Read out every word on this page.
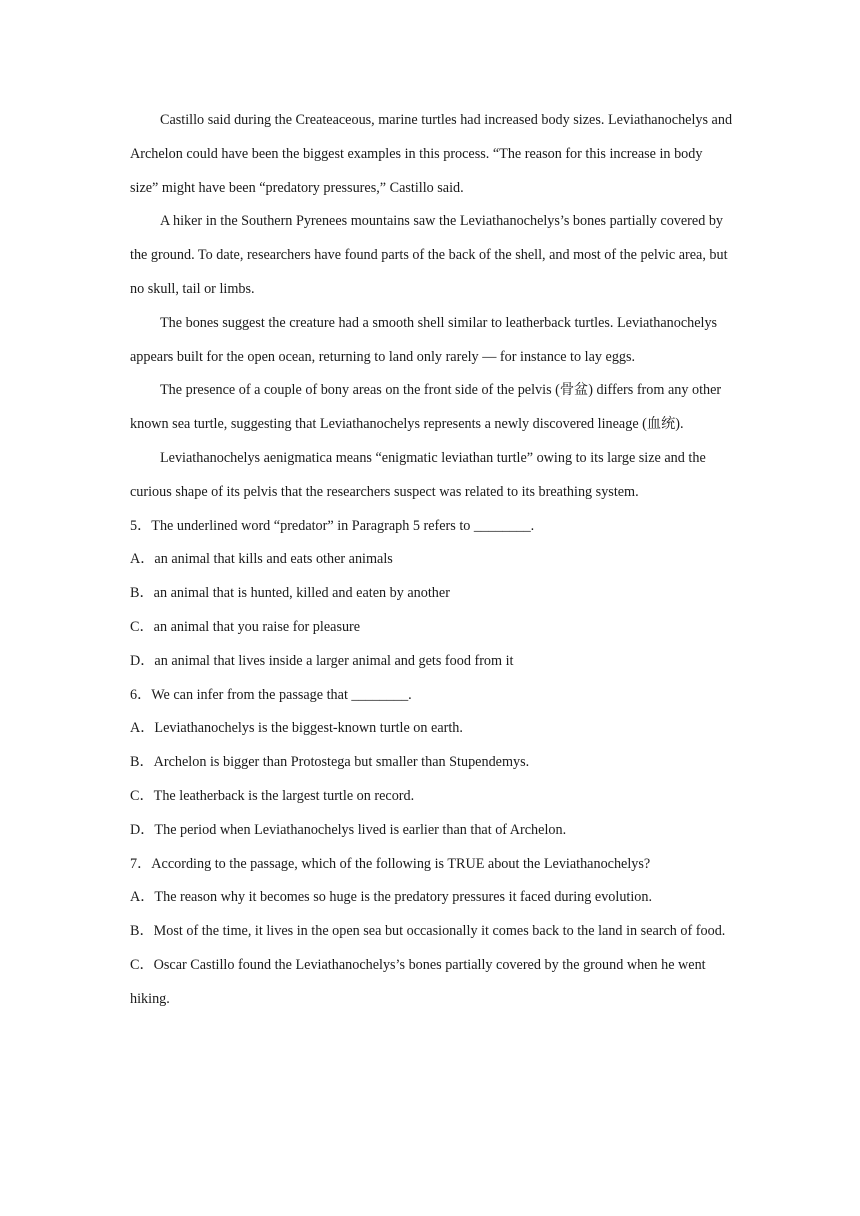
Castillo said during the Createaceous, marine turtles had increased body sizes. Leviathanochelys and Archelon could have been the biggest examples in this process. “The reason for this increase in body size” might have been “predatory pressures,” Castillo said.

A hiker in the Southern Pyrenees mountains saw the Leviathanochelys’s bones partially covered by the ground. To date, researchers have found parts of the back of the shell, and most of the pelvic area, but no skull, tail or limbs.

The bones suggest the creature had a smooth shell similar to leatherback turtles. Leviathanochelys appears built for the open ocean, returning to land only rarely — for instance to lay eggs.

The presence of a couple of bony areas on the front side of the pelvis (骨盆) differs from any other known sea turtle, suggesting that Leviathanochelys represents a newly discovered lineage (血统).

Leviathanochelys aenigmatica means “enigmatic leviathan turtle” owing to its large size and the curious shape of its pelvis that the researchers suspect was related to its breathing system.

5．The underlined word “predator” in Paragraph 5 refers to ________.

A．an animal that kills and eats other animals

B．an animal that is hunted, killed and eaten by another

C．an animal that you raise for pleasure

D．an animal that lives inside a larger animal and gets food from it

6．We can infer from the passage that ________.

A．Leviathanochelys is the biggest-known turtle on earth.

B．Archelon is bigger than Protostega but smaller than Stupendemys.

C．The leatherback is the largest turtle on record.

D．The period when Leviathanochelys lived is earlier than that of Archelon.

7．According to the passage, which of the following is TRUE about the Leviathanochelys?

A．The reason why it becomes so huge is the predatory pressures it faced during evolution.

B．Most of the time, it lives in the open sea but occasionally it comes back to the land in search of food.

C．Oscar Castillo found the Leviathanochelys’s bones partially covered by the ground when he went hiking.
